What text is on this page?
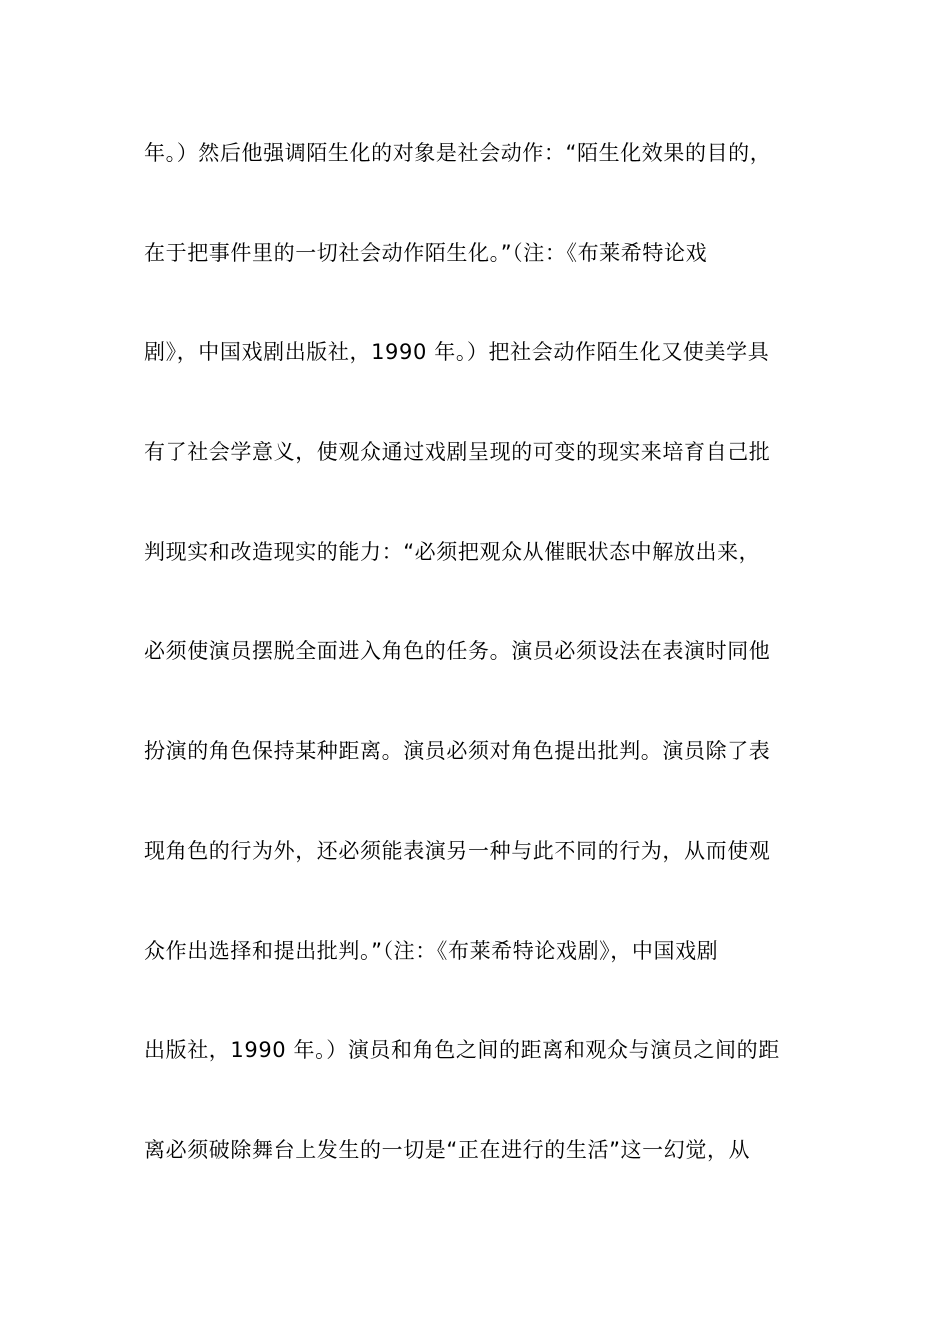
年。）然后他强调陌生化的对象是社会动作：“陌生化效果的目的，
在于把事件里的一切社会动作陌生化。”（注：《布莱希特论戏
剧》，中国戏剧出版社，1990 年。）把社会动作陌生化又使美学具
有了社会学意义，使观众通过戏剧呈现的可变的现实来培育自己批
判现实和改造现实的能力：“必须把观众从催眠状态中解放出来，
必须使演员摆脱全面进入角色的任务。演员必须设法在表演时同他
扮演的角色保持某种距离。演员必须对角色提出批判。演员除了表
现角色的行为外，还必须能表演另一种与此不同的行为，从而使观
众作出选择和提出批判。”（注：《布莱希特论戏剧》，中国戏剧
出版社，1990 年。）演员和角色之间的距离和观众与演员之间的距
离必须破除舞台上发生的一切是“正在进行的生活”这一幻觉，从
